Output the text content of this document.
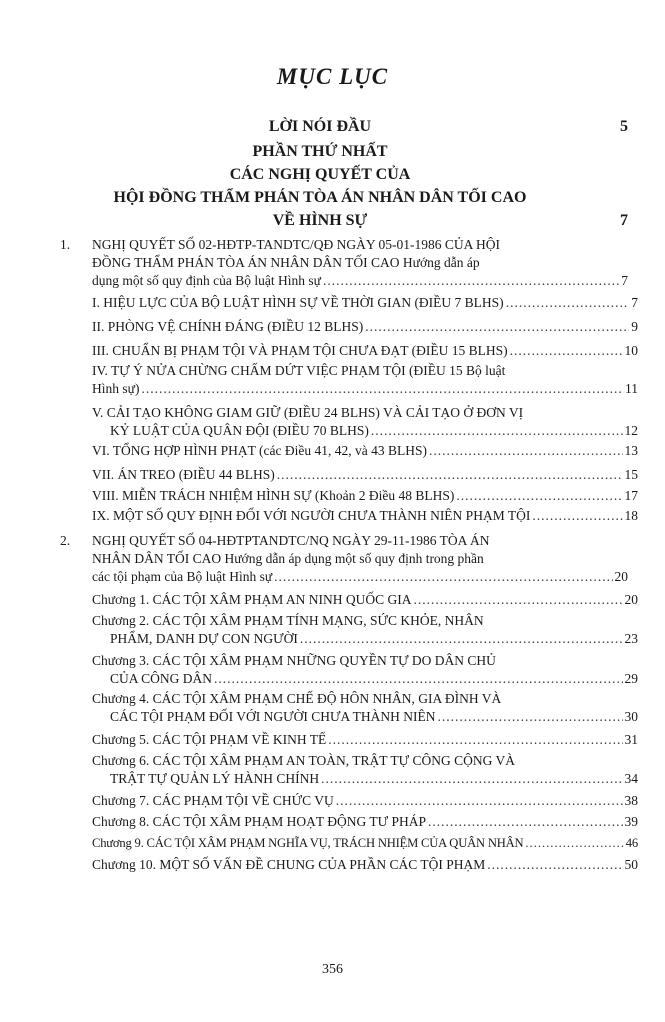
MỤC LỤC
LỜI NÓI ĐẦU	5
PHẦN THỨ NHẤT
CÁC NGHỊ QUYẾT CỦA
HỘI ĐỒNG THẨM PHÁN TÒA ÁN NHÂN DÂN TỐI CAO
VỀ HÌNH SỰ	7
1. NGHỊ QUYẾT SỐ 02-HĐTP-TANDTC/QĐ NGÀY 05-01-1986 CỦA HỘI
ĐỒNG THẨM PHÁN TÒA ÁN NHÂN DÂN TỐI CAO Hướng dẫn áp
dụng một số quy định của Bộ luật Hình sự .....	7
I. HIỆU LỰC CỦA BỘ LUẬT HÌNH SỰ VỀ THỜI GIAN (ĐIỀU 7 BLHS) .....	7
II. PHÒNG VỆ CHÍNH ĐÁNG (ĐIỀU 12 BLHS) .....	9
III. CHUẨN BỊ PHẠM TỘI VÀ PHẠM TỘI CHƯA ĐẠT (ĐIỀU 15 BLHS) .....	10
IV. TỰ Ý NỬA CHỪNG CHẤM DỨT VIỆC PHẠM TỘI (ĐIỀU 15 Bộ luật
Hình sự) .....	11
V. CẢI TẠO KHÔNG GIAM GIỮ (ĐIỀU 24 BLHS) VÀ CẢI TẠO Ở ĐƠN VỊ
KỶ LUẬT CỦA QUÂN ĐỘI (ĐIỀU 70 BLHS) .....	12
VI. TỔNG HỢP HÌNH PHẠT (các Điều 41, 42, và 43 BLHS) .....	13
VII. ÁN TREO (ĐIỀU 44 BLHS) .....	15
VIII. MIỄN TRÁCH NHIỆM HÌNH SỰ (Khoản 2 Điều 48 BLHS) .....	17
IX. MỘT SỐ QUY ĐỊNH ĐỐI VỚI NGƯỜI CHƯA THÀNH NIÊN PHẠM TỘI .....	18
2. NGHỊ QUYẾT SỐ 04-HĐTPTANDTC/NQ NGÀY 29-11-1986 TÒA ÁN
NHÂN DÂN TỐI CAO Hướng dẫn áp dụng một số quy định trong phần
các tội phạm của Bộ luật Hình sự .....	20
Chương 1. CÁC TỘI XÂM PHẠM AN NINH QUỐC GIA .....	20
Chương 2. CÁC TỘI XÂM PHẠM TÍNH MẠNG, SỨC KHỎE, NHÂN
PHẨM, DANH DỰ CON NGƯỜI .....	23
Chương 3. CÁC TỘI XÂM PHẠM NHỮNG QUYỀN TỰ DO DÂN CHỦ
CỦA CÔNG DÂN .....	29
Chương 4. CÁC TỘI XÂM PHẠM CHẾ ĐỘ HÔN NHÂN, GIA ĐÌNH VÀ
CÁC TỘI PHẠM ĐỐI VỚI NGƯỜI CHƯA THÀNH NIÊN .....	30
Chương 5. CÁC TỘI PHẠM VỀ KINH TẾ .....	31
Chương 6. CÁC TỘI XÂM PHẠM AN TOÀN, TRẬT TỰ CÔNG CỘNG VÀ
TRẬT TỰ QUẢN LÝ HÀNH CHÍNH .....	34
Chương 7. CÁC PHẠM TỘI VỀ CHỨC VỤ .....	38
Chương 8. CÁC TỘI XÂM PHẠM HOẠT ĐỘNG TƯ PHÁP .....	39
Chương 9. CÁC TỘI XÂM PHẠM NGHĨA VỤ, TRÁCH NHIỆM CỦA QUÂN NHÂN .....	46
Chương 10. MỘT SỐ VẤN ĐỀ CHUNG CỦA PHẦN CÁC TỘI PHẠM .....	50
356
